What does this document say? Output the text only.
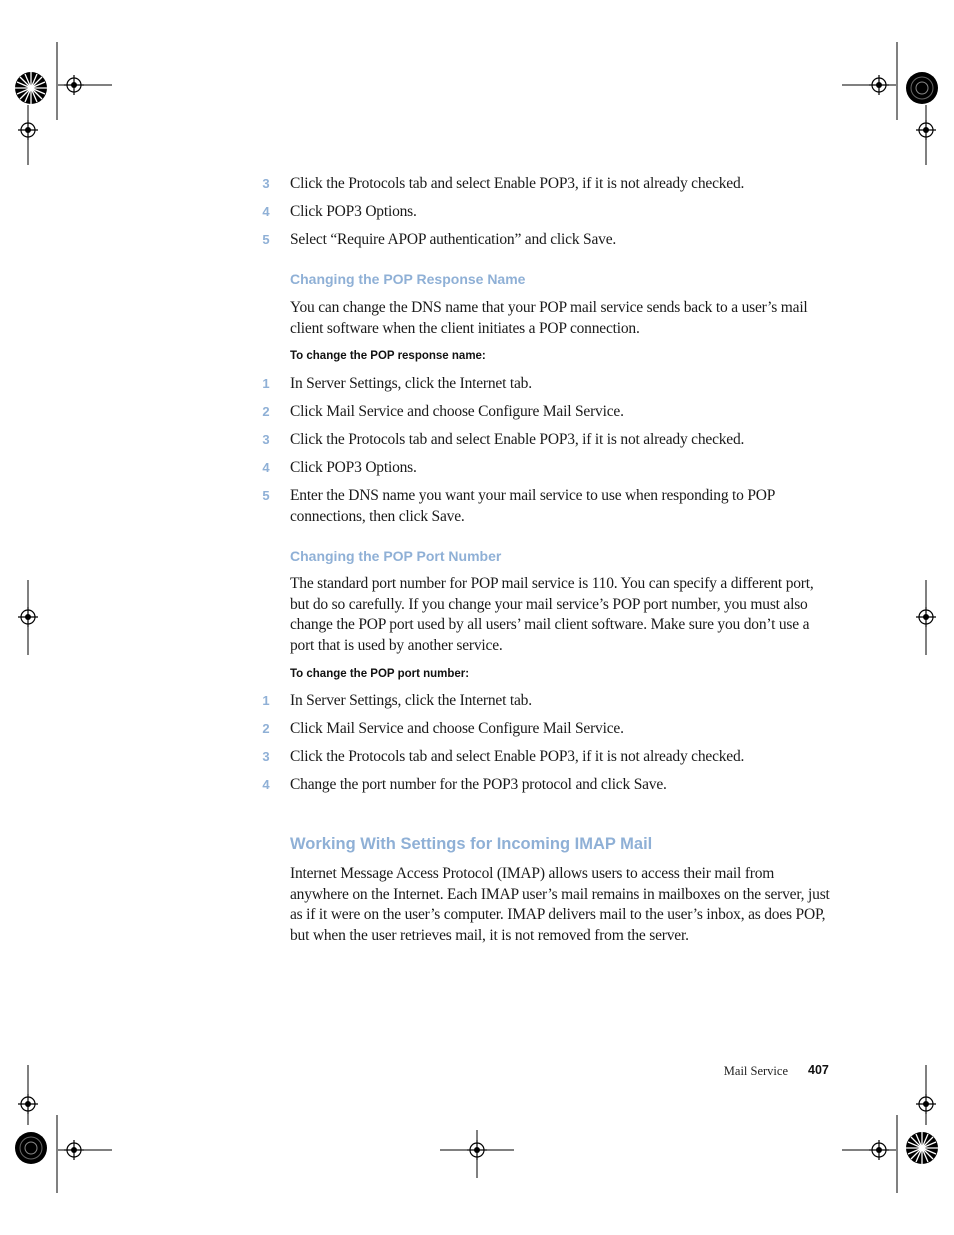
3 Click the Protocols tab and select Enable POP3, if it is not already checked.
4 Click POP3 Options.
5 Select “Require APOP authentication” and click Save.
Changing the POP Response Name
You can change the DNS name that your POP mail service sends back to a user’s mail client software when the client initiates a POP connection.
To change the POP response name:
1 In Server Settings, click the Internet tab.
2 Click Mail Service and choose Configure Mail Service.
3 Click the Protocols tab and select Enable POP3, if it is not already checked.
4 Click POP3 Options.
5 Enter the DNS name you want your mail service to use when responding to POP connections, then click Save.
Changing the POP Port Number
The standard port number for POP mail service is 110. You can specify a different port, but do so carefully. If you change your mail service’s POP port number, you must also change the POP port used by all users’ mail client software. Make sure you don’t use a port that is used by another service.
To change the POP port number:
1 In Server Settings, click the Internet tab.
2 Click Mail Service and choose Configure Mail Service.
3 Click the Protocols tab and select Enable POP3, if it is not already checked.
4 Change the port number for the POP3 protocol and click Save.
Working With Settings for Incoming IMAP Mail
Internet Message Access Protocol (IMAP) allows users to access their mail from anywhere on the Internet. Each IMAP user’s mail remains in mailboxes on the server, just as if it were on the user’s computer. IMAP delivers mail to the user’s inbox, as does POP, but when the user retrieves mail, it is not removed from the server.
Mail Service 407
